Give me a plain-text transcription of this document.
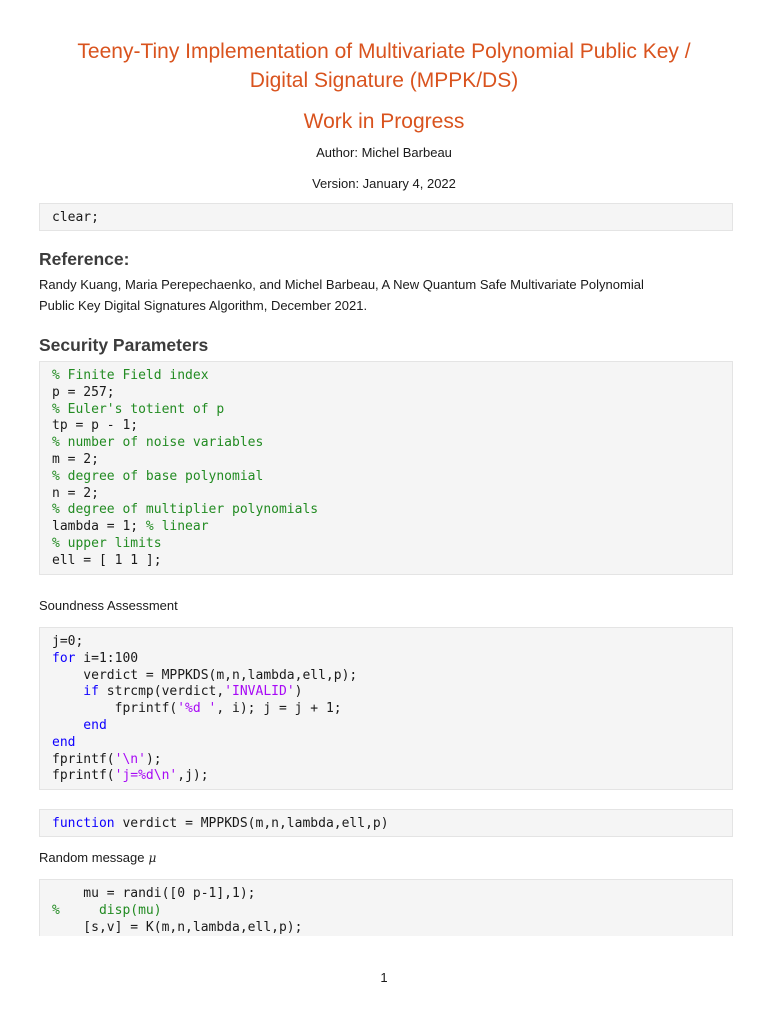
Teeny-Tiny Implementation of Multivariate Polynomial Public Key /
Digital Signature (MPPK/DS)
Work in Progress

Author: Michel Barbeau

Version: January 4, 2022

clear;
Reference:

Randy Kuang, Maria Perepechaenko, and Michel Barbeau, A New Quantum Safe Multivariate Polynomial
Public Key Digital Signatures Algorithm, December 2021.

Security Parameters
% Finite Field index
p = 257;
% Euler's totient of p
tp = p - 1;
% number of noise variables
m = 2;
% degree of base polynomial
n = 2;
% degree of multiplier polynomials
lambda = 1; % linear
% upper limits
ell = [ 1 1 ];

Soundness Assessment

j=0;
for i=1:100
verdict = MPPKDS(m,n,lambda,ell,p);
if strcmp(verdict,'INVALID')
fprintf('%d ', i); j = j + 1;
end
end
fprintf('\n');
fprintf('j=%d\n',j);
function verdict = MPPKDS(m,n,lambda,ell,p)

Random message μ

mu = randi([0 p-1],1);
%     disp(mu)
[s,v] = K(m,n,lambda,ell,p);
1
